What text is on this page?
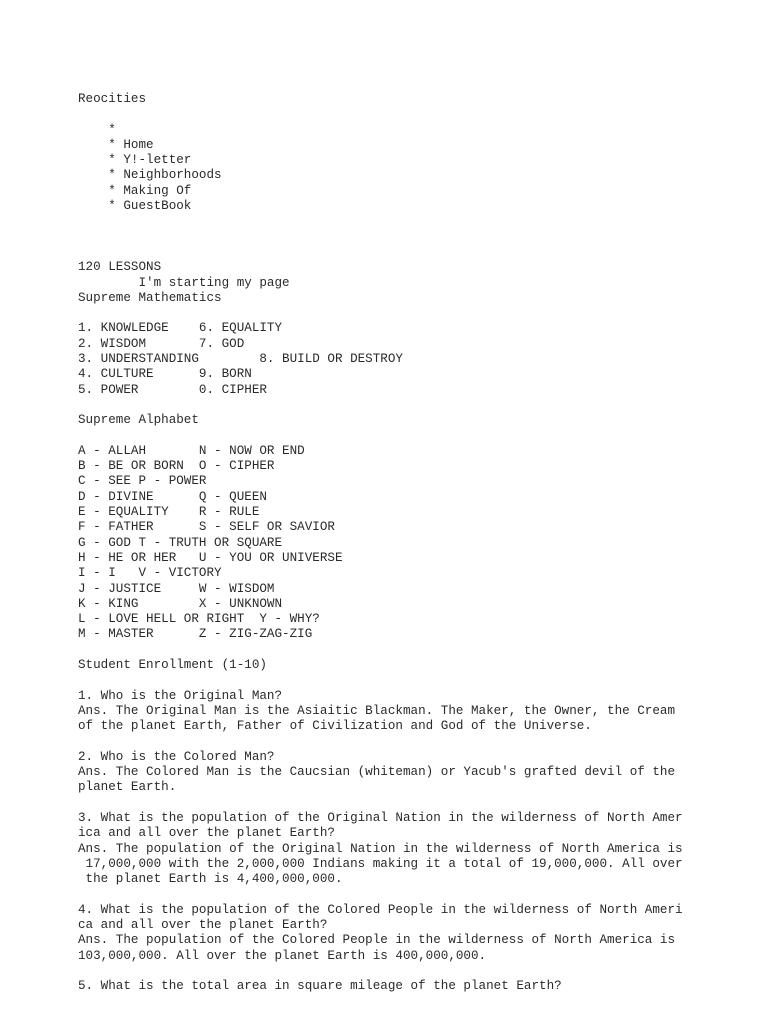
Reocities
*
* Home
* Y!-letter
* Neighborhoods
* Making Of
* GuestBook
120 LESSONS
I'm starting my page
Supreme Mathematics
1. KNOWLEDGE    6. EQUALITY
2. WISDOM       7. GOD
3. UNDERSTANDING        8. BUILD OR DESTROY
4. CULTURE      9. BORN
5. POWER        0. CIPHER
Supreme Alphabet
A - ALLAH       N - NOW OR END
B - BE OR BORN  O - CIPHER
C - SEE P - POWER
D - DIVINE      Q - QUEEN
E - EQUALITY    R - RULE
F - FATHER      S - SELF OR SAVIOR
G - GOD T - TRUTH OR SQUARE
H - HE OR HER   U - YOU OR UNIVERSE
I - I   V - VICTORY
J - JUSTICE     W - WISDOM
K - KING        X - UNKNOWN
L - LOVE HELL OR RIGHT  Y - WHY?
M - MASTER      Z - ZIG-ZAG-ZIG
Student Enrollment (1-10)
1. Who is the Original Man?
Ans. The Original Man is the Asiaitic Blackman. The Maker, the Owner, the Cream
of the planet Earth, Father of Civilization and God of the Universe.
2. Who is the Colored Man?
Ans. The Colored Man is the Caucsian (whiteman) or Yacub's grafted devil of the
planet Earth.
3. What is the population of the Original Nation in the wilderness of North Amer
ica and all over the planet Earth?
Ans. The population of the Original Nation in the wilderness of North America is
17,000,000 with the 2,000,000 Indians making it a total of 19,000,000. All over
the planet Earth is 4,400,000,000.
4. What is the population of the Colored People in the wilderness of North Ameri
ca and all over the planet Earth?
Ans. The population of the Colored People in the wilderness of North America is
103,000,000. All over the planet Earth is 400,000,000.
5. What is the total area in square mileage of the planet Earth?
